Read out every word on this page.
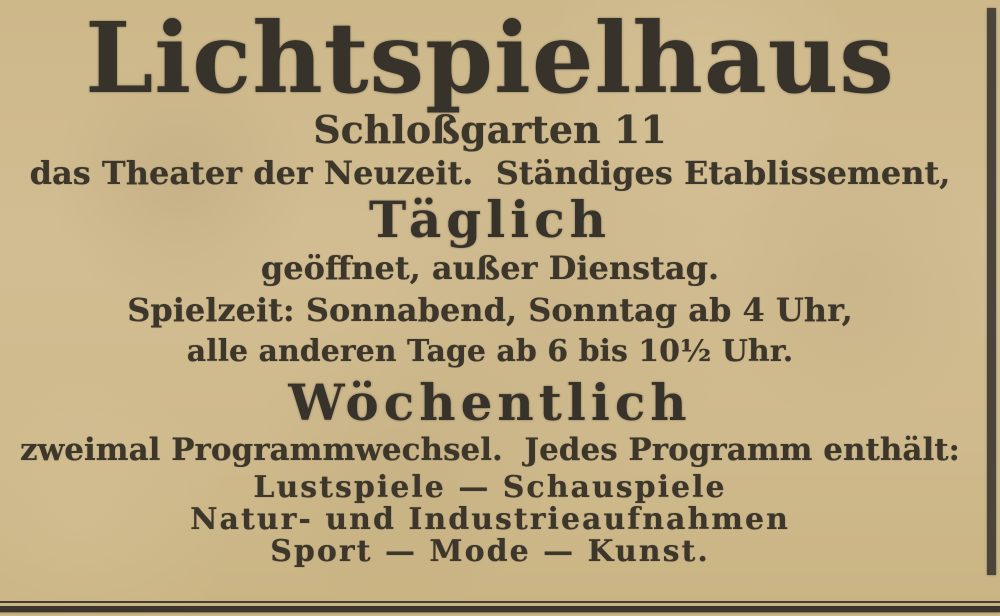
Lichtspielhaus
Schloßgarten 11
das Theater der Neuzeit.  Ständiges Etablissement,
Täglich
geöffnet, außer Dienstag.
Spielzeit: Sonnabend, Sonntag ab 4 Uhr,
alle anderen Tage ab 6 bis 10½ Uhr.
Wöchentlich
zweimal Programmwechsel.  Jedes Programm enthält:
Lustspiele — Schauspiele
Natur- und Industrieaufnahmen
Sport — Mode — Kunst.
